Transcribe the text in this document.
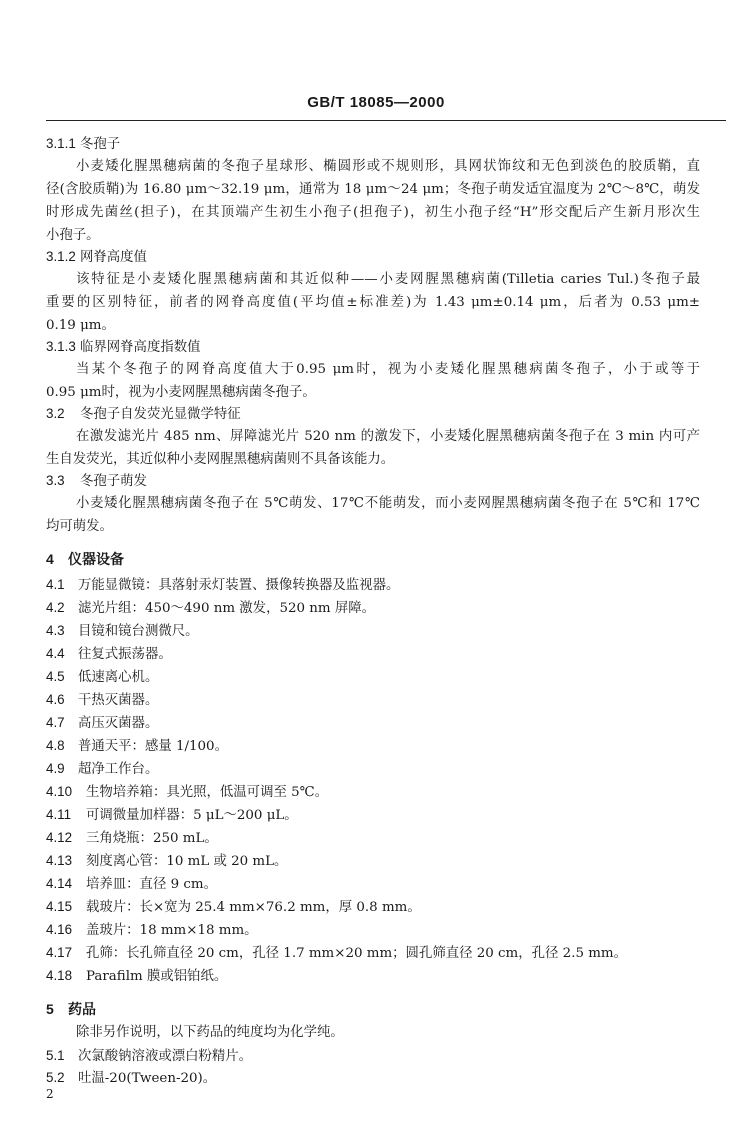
GB/T 18085—2000
3.1.1 冬孢子
小麦矮化腥黑穗病菌的冬孢子星球形、椭圆形或不规则形，具网状饰纹和无色到淡色的胶质鞘，直
径(含胶质鞘)为 16.80 μm～32.19 μm，通常为 18 μm～24 μm；冬孢子萌发适宜温度为 2℃～8℃，萌发
时形成先菌丝(担子)，在其顶端产生初生小孢子(担孢子)，初生小孢子经“H”形交配后产生新月形次生
小孢子。
3.1.2 网脊高度值
该特征是小麦矮化腥黑穗病菌和其近似种——小麦网腥黑穗病菌(Tilletia caries Tul.)冬孢子最
重要的区别特征，前者的网脊高度值(平均值±标准差)为 1.43 μm±0.14 μm，后者为 0.53 μm±
0.19 μm。
3.1.3 临界网脊高度指数值
当某个冬孢子的网脊高度值大于0.95 μm时，视为小麦矮化腥黑穗病菌冬孢子，小于或等于
0.95 μm时，视为小麦网腥黑穗病菌冬孢子。
3.2 冬孢子自发荧光显微学特征
在激发滤光片 485 nm、屏障滤光片 520 nm 的激发下，小麦矮化腥黑穗病菌冬孢子在 3 min 内可产
生自发荧光，其近似种小麦网腥黑穗病菌则不具备该能力。
3.3 冬孢子萌发
小麦矮化腥黑穗病菌冬孢子在 5℃萌发、17℃不能萌发，而小麦网腥黑穗病菌冬孢子在 5℃和 17℃
均可萌发。
4 仪器设备
4.1 万能显微镜：具落射汞灯装置、摄像转换器及监视器。
4.2 滤光片组：450～490 nm 激发，520 nm 屏障。
4.3 目镜和镜台测微尺。
4.4 往复式振荡器。
4.5 低速离心机。
4.6 干热灭菌器。
4.7 高压灭菌器。
4.8 普通天平：感量 1/100。
4.9 超净工作台。
4.10 生物培养箱：具光照，低温可调至 5℃。
4.11 可调微量加样器：5 μL～200 μL。
4.12 三角烧瓶：250 mL。
4.13 刻度离心管：10 mL 或 20 mL。
4.14 培养皿：直径 9 cm。
4.15 载玻片：长×宽为 25.4 mm×76.2 mm，厚 0.8 mm。
4.16 盖玻片：18 mm×18 mm。
4.17 孔筛：长孔筛直径 20 cm，孔径 1.7 mm×20 mm；圆孔筛直径 20 cm，孔径 2.5 mm。
4.18 Parafilm 膜或铝铂纸。
5 药品
除非另作说明，以下药品的纯度均为化学纯。
5.1 次氯酸钠溶液或漂白粉精片。
5.2 吐温-20(Tween-20)。
2
